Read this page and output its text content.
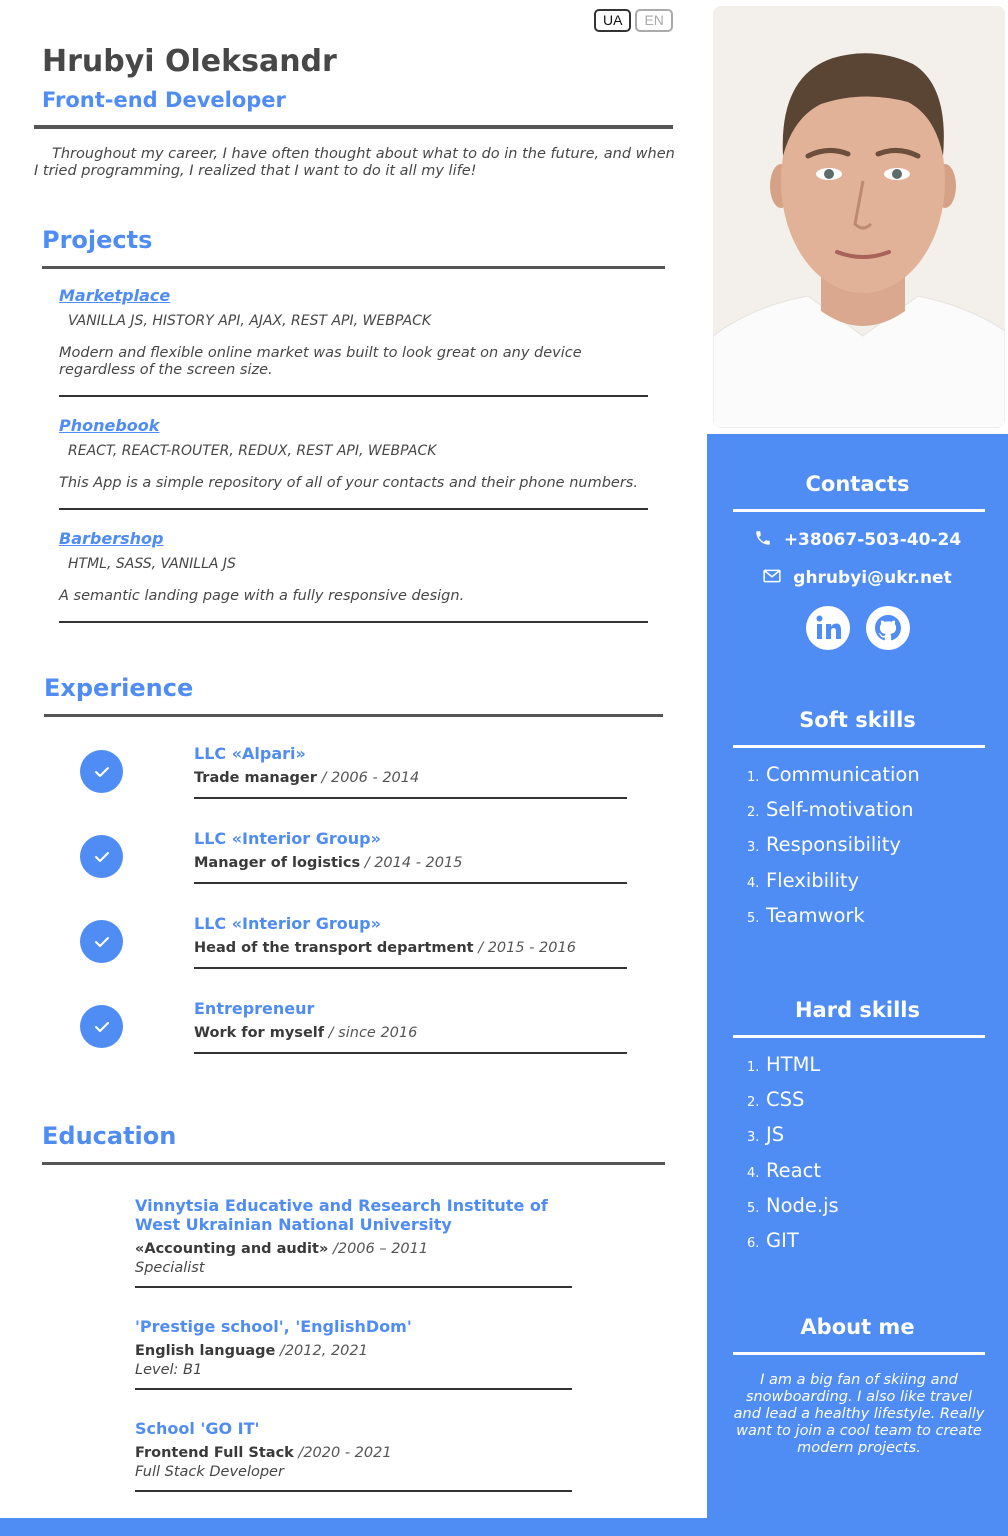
UA	EN
Hrubyi Oleksandr
Front-end Developer

Throughout my career, I have often thought about what to do in the future, and when I tried programming, I realized that I want to do it all my life!

Projects
Marketplace
VANILLA JS, HISTORY API, AJAX, REST API, WEBPACK

Modern and flexible online market was built to look great on any device regardless of the screen size.

Phonebook
REACT, REACT-ROUTER, REDUX, REST API, WEBPACK

This App is a simple repository of all of your contacts and their phone numbers.

Barbershop
HTML, SASS, VANILLA JS

A semantic landing page with a fully responsive design.

Experience
LLC «Alpari»
Trade manager / 2006 - 2014
LLC «Interior Group»
Manager of logistics / 2014 - 2015
LLC «Interior Group»
Head of the transport department / 2015 - 2016
Entrepreneur
Work for myself / since 2016
Education
Vinnytsia Educative and Research Institute of West Ukrainian National University
«Accounting and audit» /2006 – 2011
Specialist
'Prestige school', 'EnglishDom'
English language /2012, 2021
Level: B1
School 'GO IT'
Frontend Full Stack /2020 - 2021
Full Stack Developer
Contacts
+38067-503-40-24
ghrubyi@ukr.net
Soft skills
1. Communication
2. Self-motivation
3. Responsibility
4. Flexibility
5. Teamwork
Hard skills
1. HTML
2. CSS
3. JS
4. React
5. Node.js
6. GIT
About me

I am a big fan of skiing and snowboarding. I also like travel and lead a healthy lifestyle. Really want to join a cool team to create modern projects.
